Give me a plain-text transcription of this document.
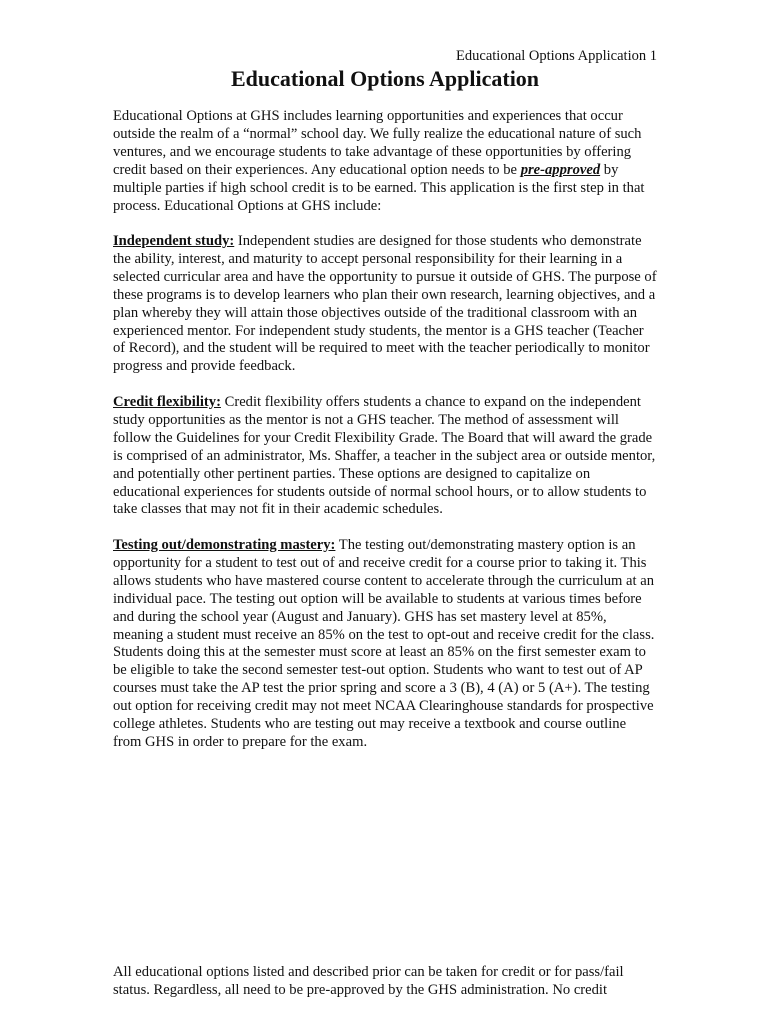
Educational Options Application 1
Educational Options Application

Educational Options at GHS includes learning opportunities and experiences that occur outside the realm of a “normal” school day. We fully realize the educational nature of such ventures, and we encourage students to take advantage of these opportunities by offering credit based on their experiences. Any educational option needs to be pre-approved by multiple parties if high school credit is to be earned. This application is the first step in that process. Educational Options at GHS include:

Independent study: Independent studies are designed for those students who demonstrate the ability, interest, and maturity to accept personal responsibility for their learning in a selected curricular area and have the opportunity to pursue it outside of GHS. The purpose of these programs is to develop learners who plan their own research, learning objectives, and a plan whereby they will attain those objectives outside of the traditional classroom with an experienced mentor. For independent study students, the mentor is a GHS teacher (Teacher of Record), and the student will be required to meet with the teacher periodically to monitor progress and provide feedback.

Credit flexibility: Credit flexibility offers students a chance to expand on the independent study opportunities as the mentor is not a GHS teacher. The method of assessment will follow the Guidelines for your Credit Flexibility Grade. The Board that will award the grade is comprised of an administrator, Ms. Shaffer, a teacher in the subject area or outside mentor, and potentially other pertinent parties. These options are designed to capitalize on educational experiences for students outside of normal school hours, or to allow students to take classes that may not fit in their academic schedules.

Testing out/demonstrating mastery: The testing out/demonstrating mastery option is an opportunity for a student to test out of and receive credit for a course prior to taking it. This allows students who have mastered course content to accelerate through the curriculum at an individual pace. The testing out option will be available to students at various times before and during the school year (August and January). GHS has set mastery level at 85%, meaning a student must receive an 85% on the test to opt-out and receive credit for the class. Students doing this at the semester must score at least an 85% on the first semester exam to be eligible to take the second semester test-out option. Students who want to test out of AP courses must take the AP test the prior spring and score a 3 (B), 4 (A) or 5 (A+). The testing out option for receiving credit may not meet NCAA Clearinghouse standards for prospective college athletes. Students who are testing out may receive a textbook and course outline from GHS in order to prepare for the exam.

All educational options listed and described prior can be taken for credit or for pass/fail status. Regardless, all need to be pre-approved by the GHS administration. No credit
